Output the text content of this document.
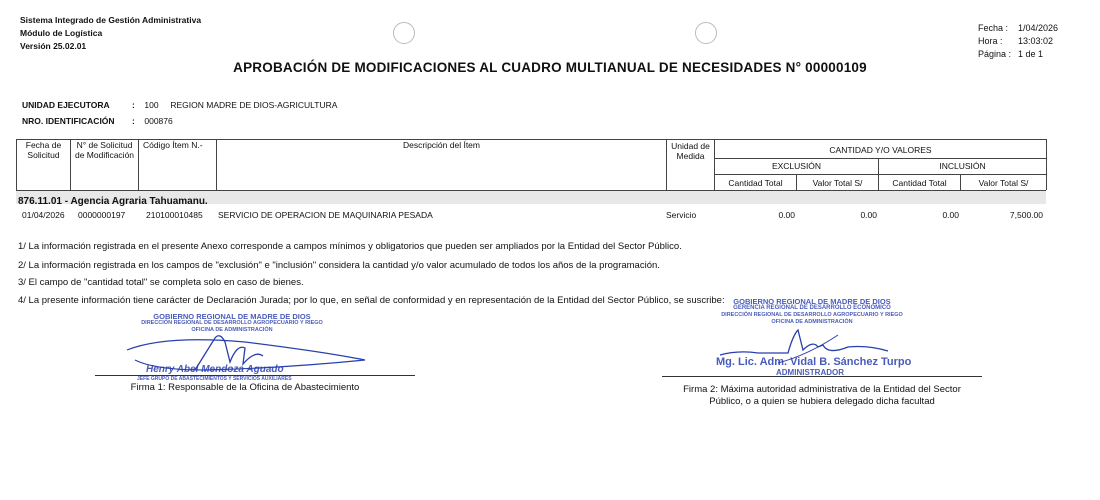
Sistema Integrado de Gestión Administrativa
Módulo de Logística
Versión 25.02.01
Fecha : 1/04/2026
Hora : 13:03:02
Página : 1 de 1
APROBACIÓN DE MODIFICACIONES AL CUADRO MULTIANUAL DE NECESIDADES N° 00000109
UNIDAD EJECUTORA	: 100 REGION MADRE DE DIOS-AGRICULTURA
NRO. IDENTIFICACIÓN : 000876
Fecha de Solicitud
N° de Solicitud de Modificación
Código Ítem N.-	Descripción del Ítem	Unidad de Medida
CANTIDAD Y/O VALORES
EXCLUSIÓN	INCLUSIÓN
Cantidad Total	Valor Total S/	Cantidad Total	Valor Total S/
876.11.01 - Agencia Agraria Tahuamanu.
01/04/2026 0000000197 210100010485 SERVICIO DE OPERACION DE MAQUINARIA PESADA	Servicio	0.00	0.00	0.00	7,500.00
1/ La información registrada en el presente Anexo corresponde a campos mínimos y obligatorios que pueden ser ampliados por la Entidad del Sector Público.
2/ La información registrada en los campos de "exclusión" e "inclusión" considera la cantidad y/o valor acumulado de todos los años de la programación.
3/ El campo de "cantidad total" se completa solo en caso de bienes.
4/ La presente información tiene carácter de Declaración Jurada; por lo que, en señal de conformidad y en representación de la Entidad del Sector Público, se suscribe:
GOBIERNO REGIONAL DE MADRE DE DIOS
DIRECCIÓN REGIONAL DE DESARROLLO AGROPECUARIO Y RIEGO
OFICINA DE ADMINISTRACIÓN
Henry Abel Mendoza Aguado
JEFE GRUPO DE ABASTECIMIENTOS Y SERVICIOS AUXILIARES
Firma 1: Responsable de la Oficina de Abastecimiento
GOBIERNO REGIONAL DE MADRE DE DIOS
GERENCIA REGIONAL DE DESARROLLO ECONÓMICO
DIRECCIÓN REGIONAL DE DESARROLLO AGROPECUARIO Y RIEGO
OFICINA DE ADMINISTRACIÓN
Mg. Lic. Adm. Vidal B. Sánchez Turpo
ADMINISTRADOR
Firma 2: Máxima autoridad administrativa de la Entidad del Sector
Público, o a quien se hubiera delegado dicha facultad
